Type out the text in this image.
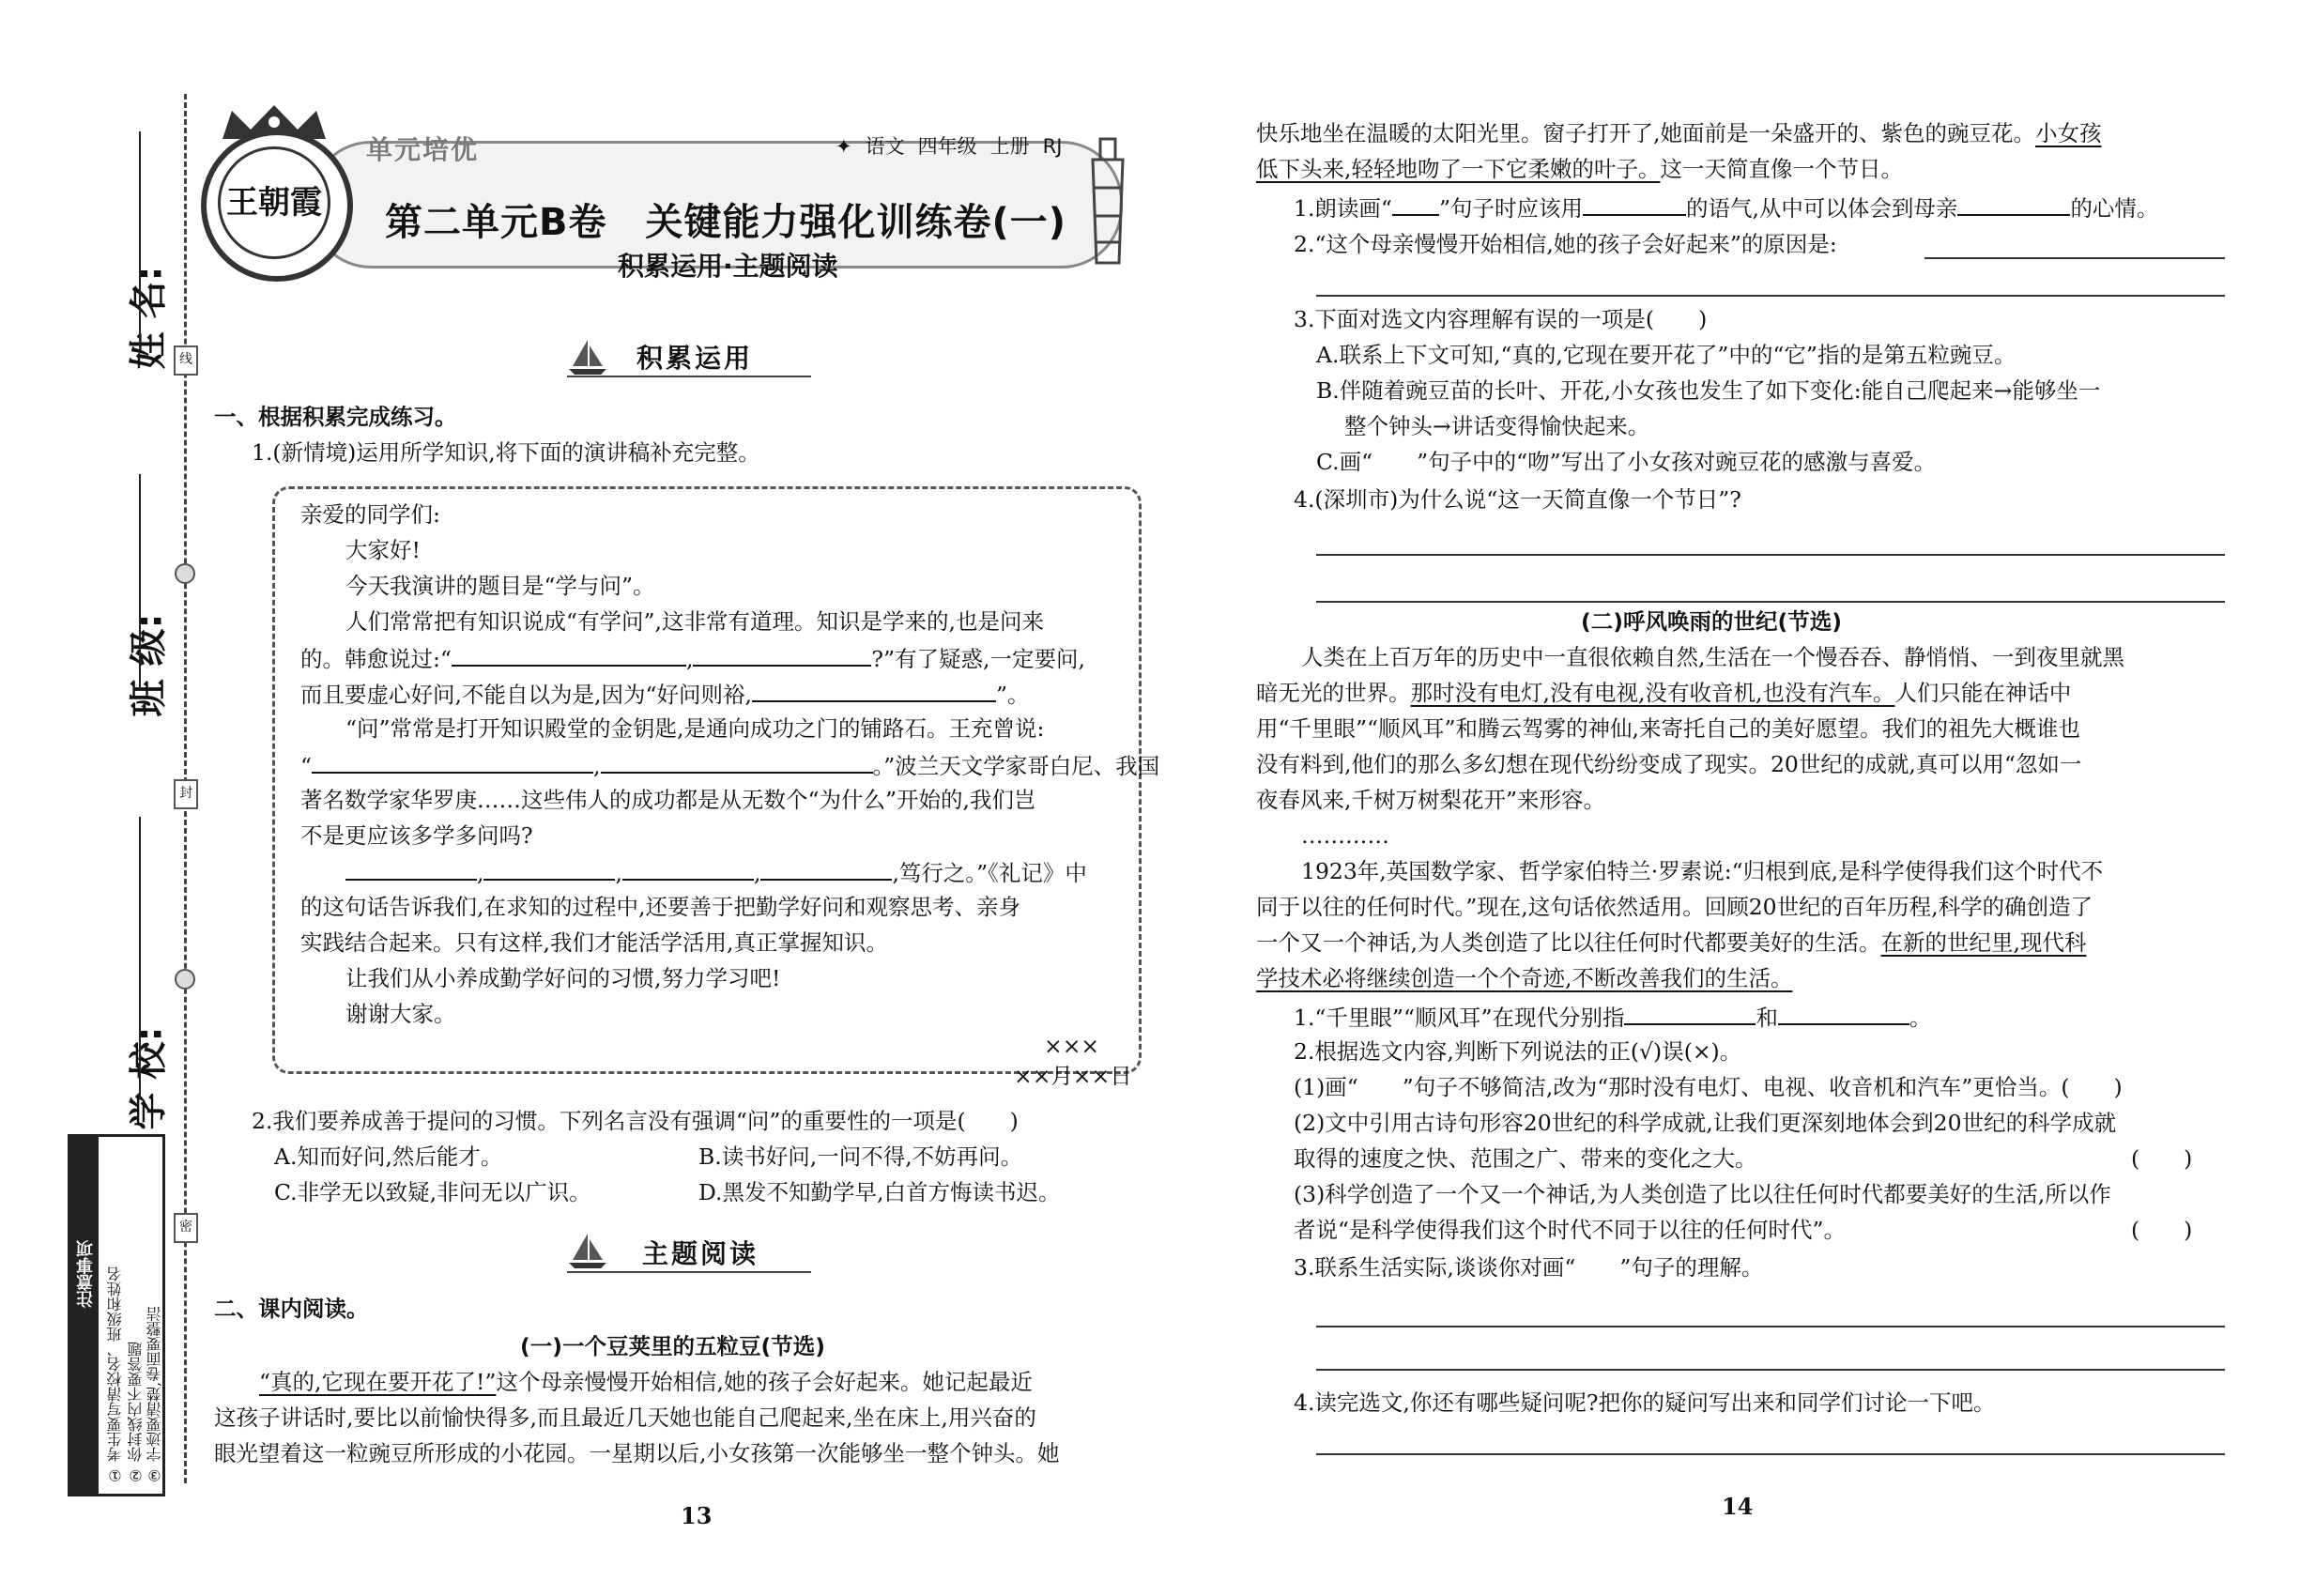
姓 名:
班 级:
学 校:
线
封
密
注意事项 ① 考生要写清校名、班级和姓名 ② 你封线内不要答题 ③ 字迹要清楚,卷面要整洁
王朝霞
单元培优	✦ 语文 四年级 上册 RJ
第二单元B卷　关键能力强化训练卷(一)
积累运用·主题阅读
积累运用

一、根据积累完成练习。

1.(新情境)运用所学知识,将下面的演讲稿补充完整。

亲爱的同学们:

大家好!

今天我演讲的题目是“学与问”。

人们常常把有知识说成“有学问”,这非常有道理。知识是学来的,也是问来

的。韩愈说过:“	,	?”有了疑惑,一定要问,

而且要虚心好问,不能自以为是,因为“好问则裕,	”。

“问”常常是打开知识殿堂的金钥匙,是通向成功之门的铺路石。王充曾说:

“	,	。”波兰天文学家哥白尼、我国

著名数学家华罗庚……这些伟人的成功都是从无数个“为什么”开始的,我们岂

不是更应该多学多问吗?

,	,	,	,笃行之。”《礼记》中

的这句话告诉我们,在求知的过程中,还要善于把勤学好问和观察思考、亲身

实践结合起来。只有这样,我们才能活学活用,真正掌握知识。

让我们从小养成勤学好问的习惯,努力学习吧!

谢谢大家。

×××

××月××日

2.我们要养成善于提问的习惯。下列名言没有强调“问”的重要性的一项是(　　)

A.知而好问,然后能才。	B.读书好问,一问不得,不妨再问。

C.非学无以致疑,非问无以广识。	D.黑发不知勤学早,白首方悔读书迟。

主题阅读

二、课内阅读。

(一)一个豆荚里的五粒豆(节选)

“真的,它现在要开花了!”这个母亲慢慢开始相信,她的孩子会好起来。她记起最近

这孩子讲话时,要比以前愉快得多,而且最近几天她也能自己爬起来,坐在床上,用兴奋的

眼光望着这一粒豌豆所形成的小花园。一星期以后,小女孩第一次能够坐一整个钟头。她

13

快乐地坐在温暖的太阳光里。窗子打开了,她面前是一朵盛开的、紫色的豌豆花。小女孩

低下头来,轻轻地吻了一下它柔嫩的叶子。这一天简直像一个节日。

1.朗读画“ ”句子时应该用	的语气,从中可以体会到母亲	的心情。

2.“这个母亲慢慢开始相信,她的孩子会好起来”的原因是:

3.下面对选文内容理解有误的一项是(　　)

A.联系上下文可知,“真的,它现在要开花了”中的“它”指的是第五粒豌豆。

B.伴随着豌豆苗的长叶、开花,小女孩也发生了如下变化:能自己爬起来→能够坐一

整个钟头→讲话变得愉快起来。

C.画“　　”句子中的“吻”写出了小女孩对豌豆花的感激与喜爱。

4.(深圳市)为什么说“这一天简直像一个节日”?

(二)呼风唤雨的世纪(节选)

人类在上百万年的历史中一直很依赖自然,生活在一个慢吞吞、静悄悄、一到夜里就黑

暗无光的世界。那时没有电灯,没有电视,没有收音机,也没有汽车。人们只能在神话中

用“千里眼”“顺风耳”和腾云驾雾的神仙,来寄托自己的美好愿望。我们的祖先大概谁也

没有料到,他们的那么多幻想在现代纷纷变成了现实。20世纪的成就,真可以用“忽如一

夜春风来,千树万树梨花开”来形容。

…………

1923年,英国数学家、哲学家伯特兰·罗素说:“归根到底,是科学使得我们这个时代不

同于以往的任何时代。”现在,这句话依然适用。回顾20世纪的百年历程,科学的确创造了

一个又一个神话,为人类创造了比以往任何时代都要美好的生活。在新的世纪里,现代科

学技术必将继续创造一个个奇迹,不断改善我们的生活。

1.“千里眼”“顺风耳”在现代分别指	和	。

2.根据选文内容,判断下列说法的正(√)误(×)。

(1)画“　　”句子不够简洁,改为“那时没有电灯、电视、收音机和汽车”更恰当。(　　)

(2)文中引用古诗句形容20世纪的科学成就,让我们更深刻地体会到20世纪的科学成就

取得的速度之快、范围之广、带来的变化之大。	(　　)

(3)科学创造了一个又一个神话,为人类创造了比以往任何时代都要美好的生活,所以作

者说“是科学使得我们这个时代不同于以往的任何时代”。	(　　)

3.联系生活实际,谈谈你对画“　　”句子的理解。

4.读完选文,你还有哪些疑问呢?把你的疑问写出来和同学们讨论一下吧。

14
